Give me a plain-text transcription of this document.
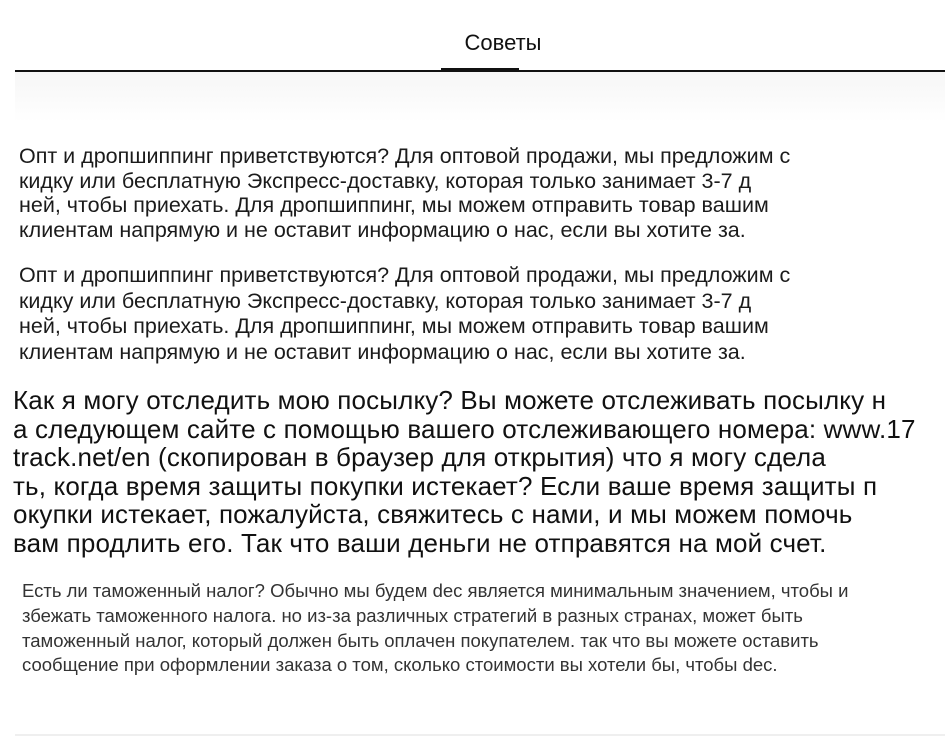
Советы

Опт и дропшиппинг приветствуются? Для оптовой продажи, мы предложим с
кидку или бесплатную Экспресс-доставку, которая только занимает 3-7 д
ней, чтобы приехать. Для дропшиппинг, мы можем отправить товар вашим
клиентам напрямую и не оставит информацию о нас, если вы хотите за.

Опт и дропшиппинг приветствуются? Для оптовой продажи, мы предложим с
кидку или бесплатную Экспресс-доставку, которая только занимает 3-7 д
ней, чтобы приехать. Для дропшиппинг, мы можем отправить товар вашим
клиентам напрямую и не оставит информацию о нас, если вы хотите за.

Как я могу отследить мою посылку? Вы можете отслеживать посылку н
а следующем сайте с помощью вашего отслеживающего номера: www.17
track.net/en (скопирован в браузер для открытия) что я могу сдела
ть, когда время защиты покупки истекает? Если ваше время защиты п
окупки истекает, пожалуйста, свяжитесь с нами, и мы можем помочь
вам продлить его. Так что ваши деньги не отправятся на мой счет.

Есть ли таможенный налог? Обычно мы будем dec является минимальным значением, чтобы и
збежать таможенного налога. но из-за различных стратегий в разных странах, может быть
таможенный налог, который должен быть оплачен покупателем. так что вы можете оставить
сообщение при оформлении заказа о том, сколько стоимости вы хотели бы, чтобы dec.
